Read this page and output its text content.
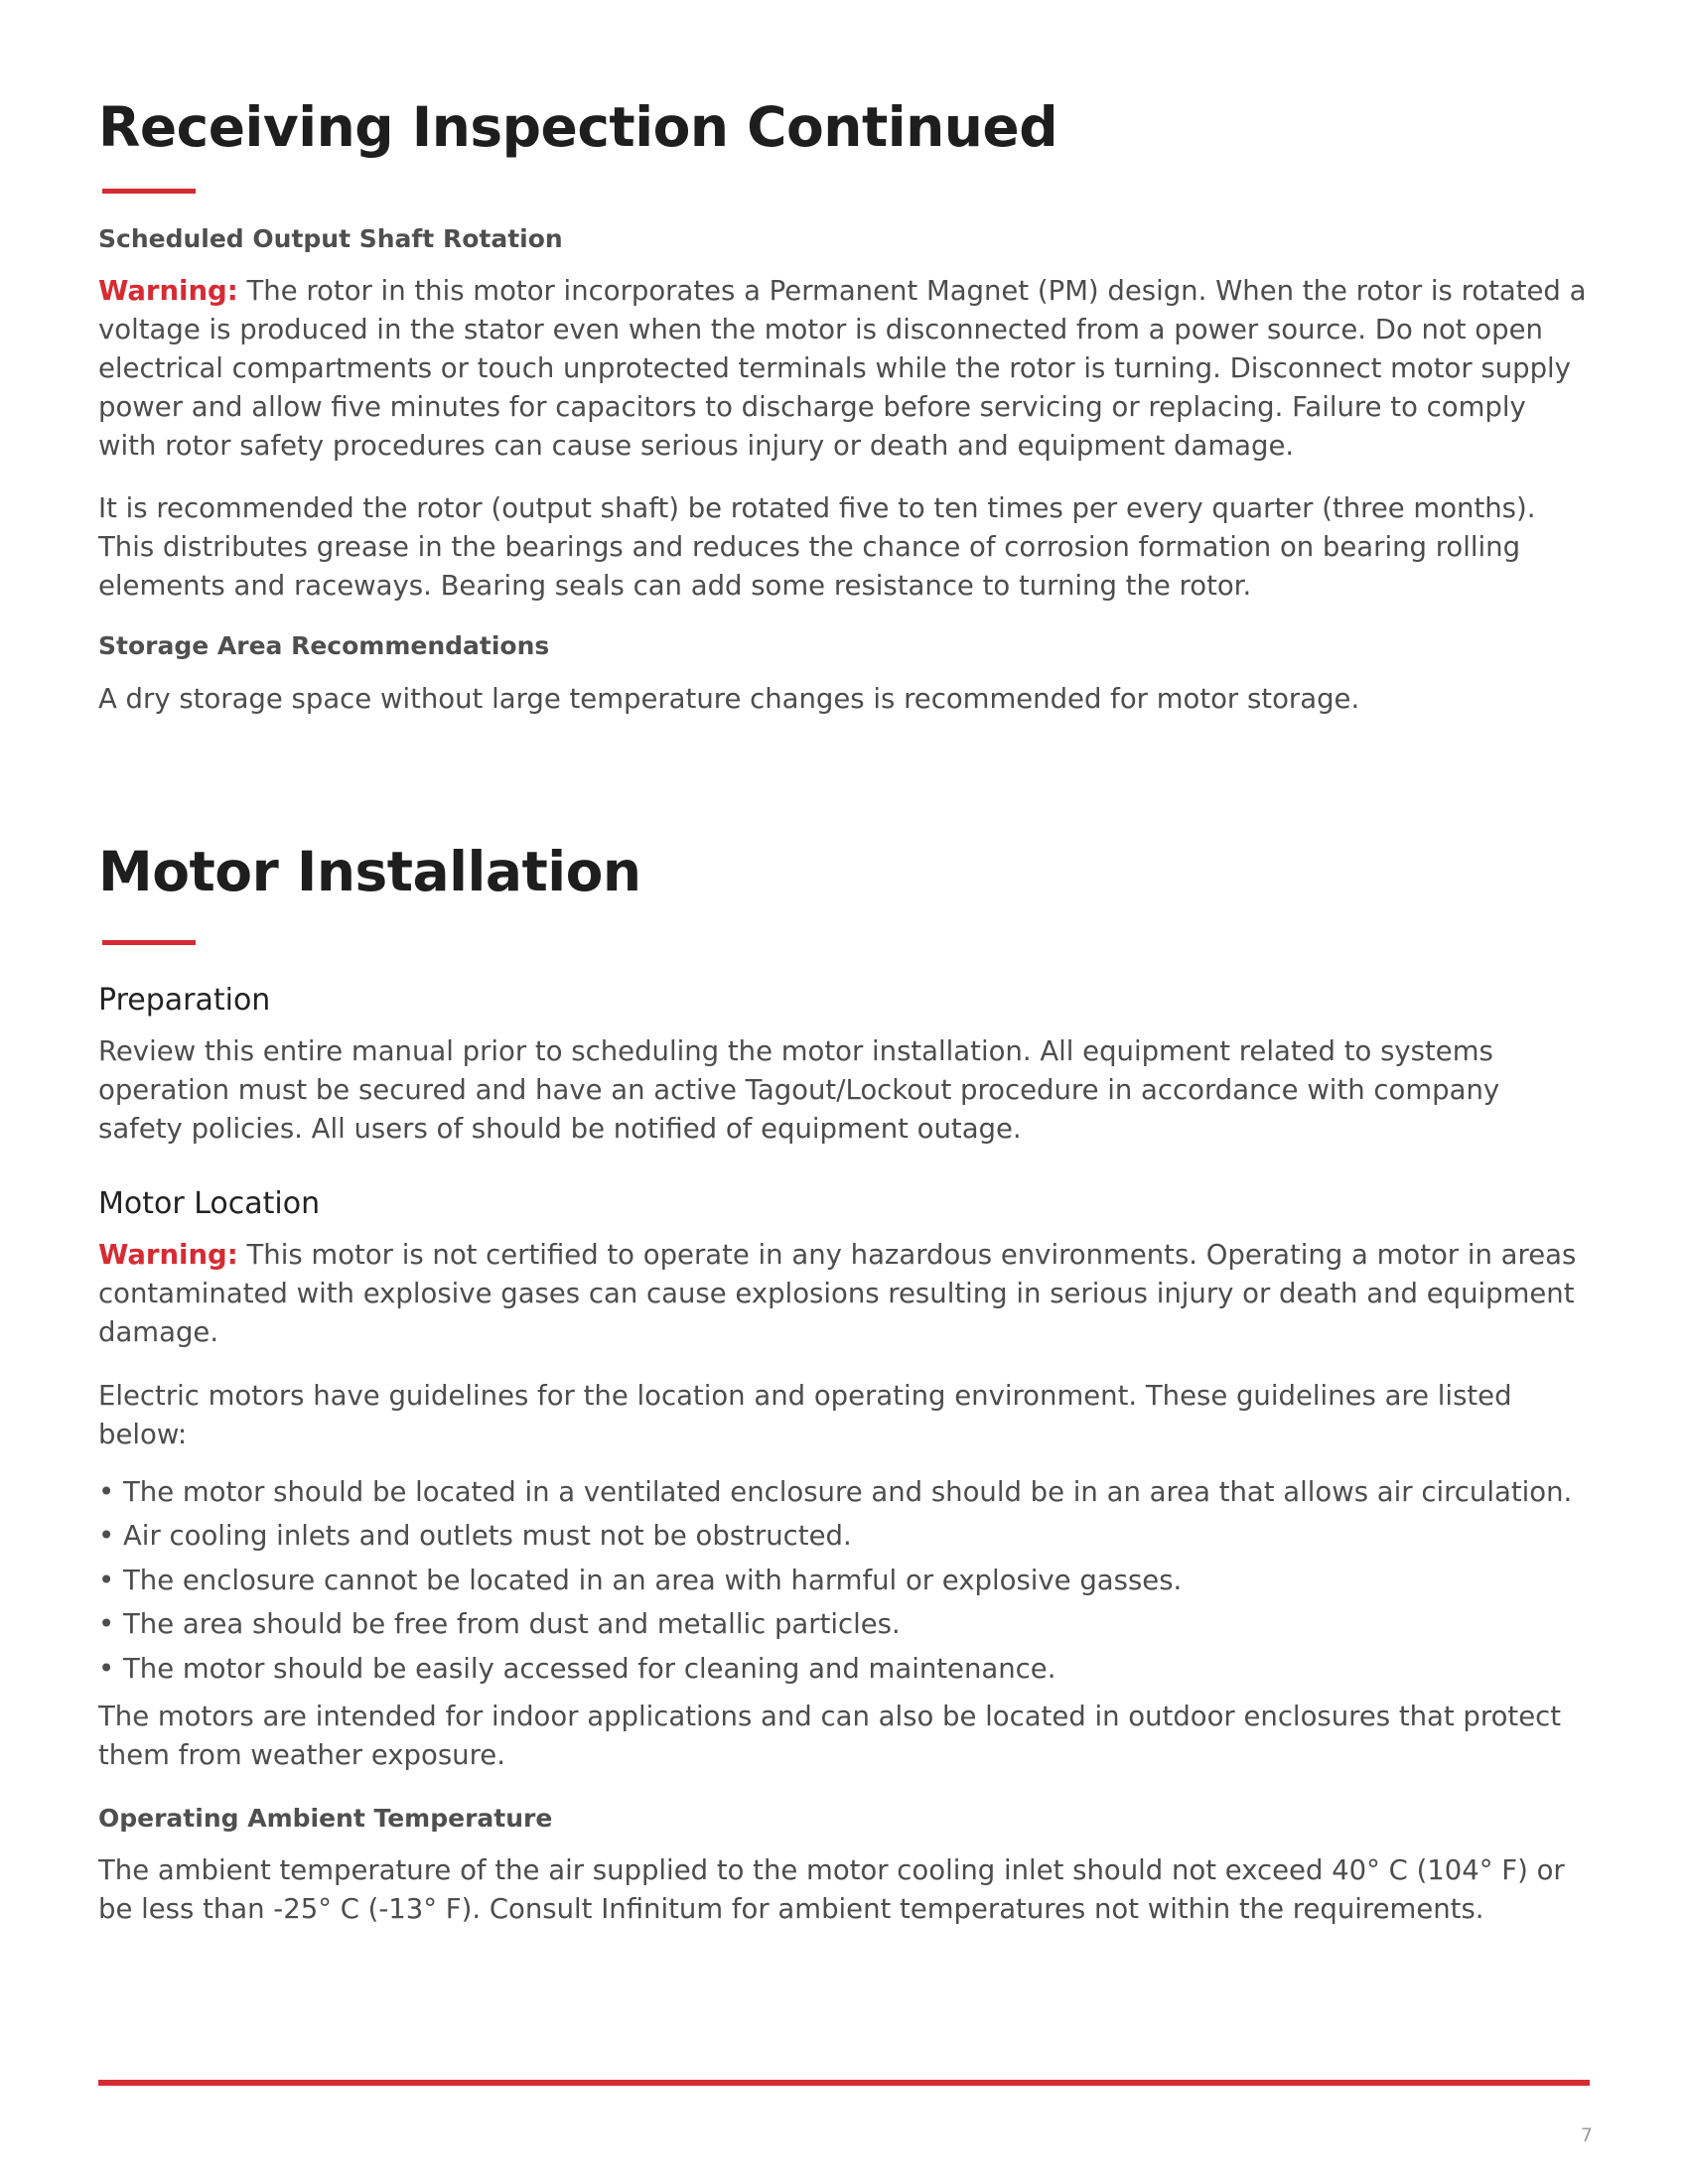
Receiving Inspection Continued
Scheduled Output Shaft Rotation

Warning: The rotor in this motor incorporates a Permanent Magnet (PM) design. When the rotor is rotated a voltage is produced in the stator even when the motor is disconnected from a power source. Do not open electrical compartments or touch unprotected terminals while the rotor is turning. Disconnect motor supply power and allow five minutes for capacitors to discharge before servicing or replacing. Failure to comply with rotor safety procedures can cause serious injury or death and equipment damage.

It is recommended the rotor (output shaft) be rotated five to ten times per every quarter (three months). This distributes grease in the bearings and reduces the chance of corrosion formation on bearing rolling elements and raceways. Bearing seals can add some resistance to turning the rotor.

Storage Area Recommendations

A dry storage space without large temperature changes is recommended for motor storage.

Motor Installation
Preparation

Review this entire manual prior to scheduling the motor installation. All equipment related to systems operation must be secured and have an active Tagout/Lockout procedure in accordance with company safety policies. All users of should be notified of equipment outage.

Motor Location

Warning: This motor is not certified to operate in any hazardous environments. Operating a motor in areas contaminated with explosive gases can cause explosions resulting in serious injury or death and equipment damage.

Electric motors have guidelines for the location and operating environment. These guidelines are listed below:

• The motor should be located in a ventilated enclosure and should be in an area that allows air circulation.
• Air cooling inlets and outlets must not be obstructed.
• The enclosure cannot be located in an area with harmful or explosive gasses.
• The area should be free from dust and metallic particles.
• The motor should be easily accessed for cleaning and maintenance.

The motors are intended for indoor applications and can also be located in outdoor enclosures that protect them from weather exposure.

Operating Ambient Temperature

The ambient temperature of the air supplied to the motor cooling inlet should not exceed 40° C (104° F) or be less than -25° C (-13° F). Consult Infinitum for ambient temperatures not within the requirements.

7
